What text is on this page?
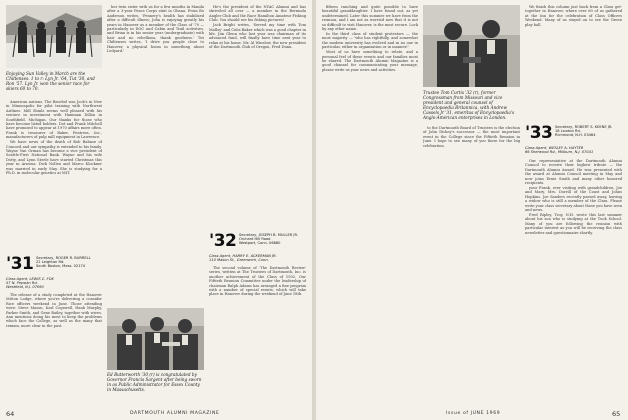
Enjoying Sun Valley in March are the Chiltenses. 1 to r: Lyn Jr. '64, Tut '30, and Ron '57. Lyn Jr. won the senior race for skiers 60 to 70.

American nations. The Broebel was Jock's in New in Minneapolis for pilot training with Northwest Airlines. Mill Shinlz seems well pleased with his venture in investment with Hamman Dillon in Southfield, Michigan. Our thanks for those who have become listed holders. Dot and Frank Mitchell have promised to appear at 1970 affairs more often. Frank is treasurer of Baker, Fentress, Inc., manufacturers of pulp mill equipment in Lawrence.

We have news of the death of Bob Bahnse of Concord and our sympathy is extended to his family. Wayne Van Orman has become a vice president of Seattle-First National Bank. Wayne and his wife Dotty, and Lynn Steele have started Christmas this year in Arizona. Dick Nollen and Marco Klockner was married in early May. She is studying for a Ph.D. in molecular genetics at MIT.

'31 Secretary, ROGER R. BURRELL
22 Leighton Rd.
South Boston, Mass. 02174
Class Agent, LEWIS C. FOX
57 N. Pepsian Rd.
Westfield, N.J. 07090

The release of a study completed at the Hanover Mitton Lodge, where you're delivering a consider Rice officers weekend in June. Those attending were: Steve Mason, Karl Cogswell, Hank Murphy, Parker Smith, and Gene Bailey, together with wives. Ann mentions doing his most to keep the problems which face the College, as well as the many that remain, more clear in the past.

her twin sister with us for a few months in Manila after a 3-year Peace Corps stint in Ghana. From Bo Anderson writes, 'Pennery's health has stabilized after a difficult illness; John is enjoying greatly his years in Hanover as a member of the Class of '70 — particularly in DOC and Cabin and Trail activities, and Brian is in his senior year (undergraduate) with hair and no rebellions, thank goodness.' Tut Chiltenses writes, 'I drive you people close to Hanover, a physical boom in something about Ledyard.'

Ed Butterworth '30 (r) is congratulated by Governor Francis Sargent after being sworn in as Public Administrator for Essex County in Massachusetts.

He's the president of the NYAC Alumni and has shriveled all over — a member in the Bermuda Angler Club and the Race Hamilton Amateur Fishing Club. You should see his fishing pictures!

Jack Bright writes, 'Served my time with Tom Malloy' and Cubs Baker which was a good chapter in life. Jim Glenn who last year was chairman of its advanced fund, will finally have time next year to relax at his home. Mr. Al Winslow, the new president of the Dartmouth Club of Oregon, Fred Dunn.

'32 Secretary, JOSEPH B. MULLER JR.
Orchard Hill Road
Westport, Conn. 06880
Class Agent, HARRY E. ACKERMAN JR.
110 Mason St., Greenwich, Conn.

The second volume of 'The Dartmouth Review' series, written at The Trustees of Dartmouth, Inc. is another achievement of the Class of 1932. Our Fiftieth Reunion Committee under the leadership of chairman Ralph Adams has arranged a fine program with a number of special events, which will take place in Hanover during the weekend of June 18th.

64	DARTMOUTH ALUMNI MAGAZINE

fifteen ranching and quite possible to have beautiful granddaughter. I have found out, as yet undetermined. Later this summer we have from the reunion, and I am not as worried now that it is not so difficult to visit Hanover, is the most secure. Lock by any other name.

In the third class of student protestors — the most majority — 'who has rightfully, and somewhat the modern university has evolved and in no one in particular, either in organization or in manner!'

Most of us have something to relate, and a personal feel of these events and our families must be shared. The Dartmouth Alumni Magazine is a good channel for communicating your message, please write us your news and activities.

Trustee Tom Curtis '32 (r), former Congressman from Missouri and vice president and general counsel of Encyclopaedia Britannica, with Andrew Cassels Jr '31, emeritus of Encyclopaedia's Anglo-American enterprises in London.

to the Dartmouth Board of Trustees is the election of John Dickey's successor — the most important event in the College since the Fiftieth Reunion in June. I hope to see many of you there for the big celebration.

We finish this column just back from a Class get-together in Hanover, where over 60 of us gathered at the Inn for the celebration of Class Officers Weekend. Many of us stayed on to see the Green play ball.

'33 Secretary, ROBERT S. KEENE JR.
18 Loudon Rd.
Richmond, N.H. 03464
Class Agent, WESLEY A. HAYTER
66 Sherwood Rd., Millburn, N.J. 07041

Our representative at the Dartmouth Alumni Council to receive their highest tribute — the Dartmouth Alumni Award. He was presented with the award at Alumni Council meeting in May and now joins Ernie Smith and many other honored recipients.

your Frank, ever visiting with grandchildren, Joe and Mary, Mrs. Dorrill of the Coast and Johns Hopkins. Joe Sanders recently passed away, leaving a widow who is still a member of the Class. Please write your class secretary about those you have seen and news.

Fred Ripley, Troy, N.H. wrote this last summer about his son who is studying at the Tuck School. Many of you are following the reunion with particular interest as you will be receiving the class newsletter and questionnaire shortly.

Issue of JUNE 1969	65
